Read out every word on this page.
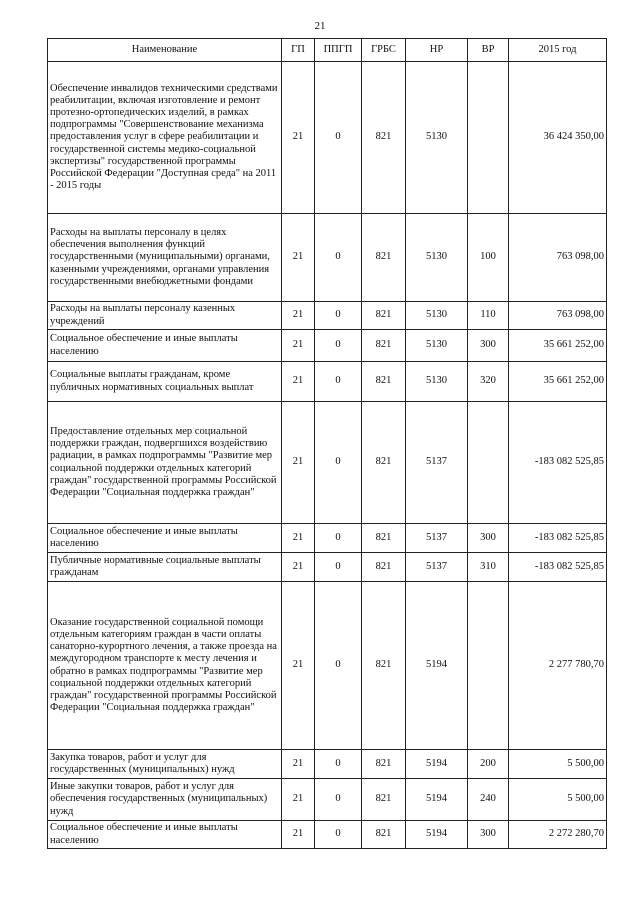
21
Наименование	ГП	ППГП	ГРБС	НР	ВР	2015 год
Обеспечение инвалидов техническими средствами реабилитации, включая изготовление и ремонт протезно-ортопедических изделий, в рамках подпрограммы "Совершенствование механизма предоставления услуг в сфере реабилитации и государственной системы медико-социальной экспертизы" государственной программы Российской Федерации "Доступная среда" на 2011 - 2015 годы	21	0	821	5130		36 424 350,00
Расходы на выплаты персоналу в целях обеспечения выполнения функций государственными (муниципальными) органами, казенными учреждениями, органами управления государственными внебюджетными фондами	21	0	821	5130	100	763 098,00
Расходы на выплаты персоналу казенных учреждений	21	0	821	5130	110	763 098,00
Социальное обеспечение и иные выплаты населению	21	0	821	5130	300	35 661 252,00
Социальные выплаты гражданам, кроме публичных нормативных социальных выплат	21	0	821	5130	320	35 661 252,00
Предоставление отдельных мер социальной поддержки граждан, подвергшихся воздействию радиации, в рамках подпрограммы "Развитие мер социальной поддержки отдельных категорий граждан" государственной программы Российской Федерации "Социальная поддержка граждан"	21	0	821	5137		-183 082 525,85
Социальное обеспечение и иные выплаты населению	21	0	821	5137	300	-183 082 525,85
Публичные нормативные социальные выплаты гражданам	21	0	821	5137	310	-183 082 525,85
Оказание государственной социальной помощи отдельным категориям граждан в части оплаты санаторно-курортного лечения, а также проезда на междугородном транспорте к месту лечения и обратно в рамках подпрограммы "Развитие мер социальной поддержки отдельных категорий граждан" государственной программы Российской Федерации "Социальная поддержка граждан"	21	0	821	5194		2 277 780,70
Закупка товаров, работ и услуг для государственных (муниципальных) нужд	21	0	821	5194	200	5 500,00
Иные закупки товаров, работ и услуг для обеспечения государственных (муниципальных) нужд	21	0	821	5194	240	5 500,00
Социальное обеспечение и иные выплаты населению	21	0	821	5194	300	2 272 280,70
